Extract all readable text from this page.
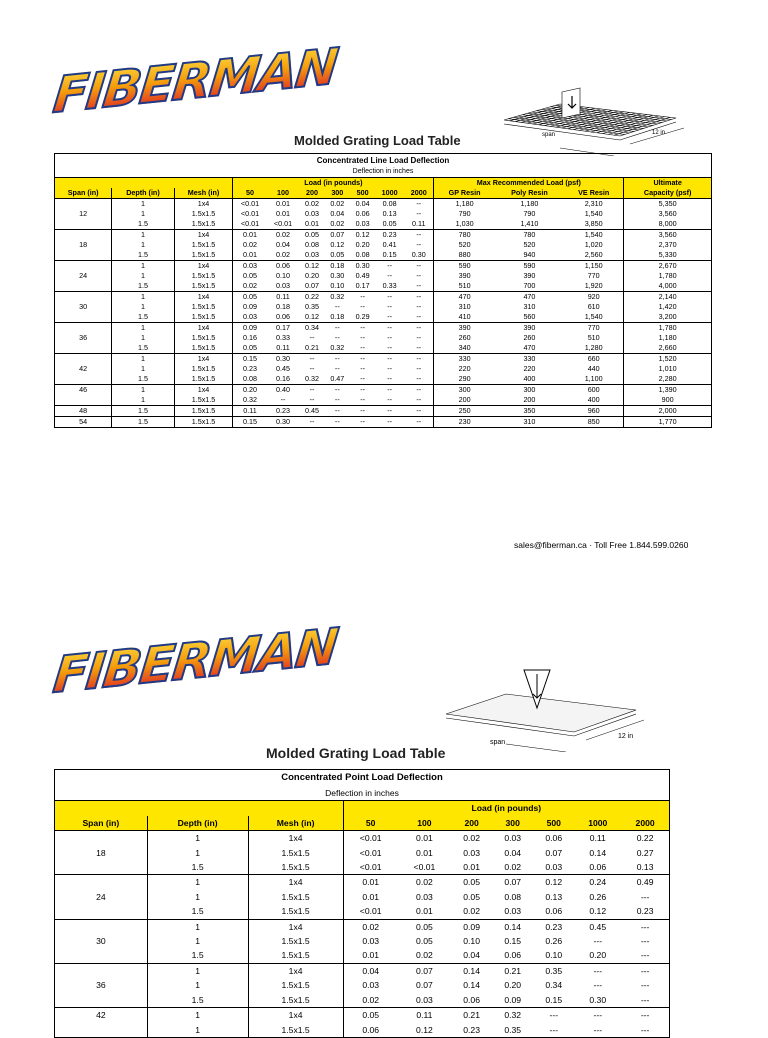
FIBERMAN
span	12 in
Molded Grating Load Table
Concentrated Line Load Deflection													
Deflection in inches													
			Load (in pounds)							Max Recommended Load (psf)			Ultimate
Span (in)	Depth (in)	Mesh (in)	50	100	200	300	500	1000	2000	GP Resin	Poly Resin	VE Resin	Capacity (psf)
	1	1x4	<0.01	0.01	0.02	0.02	0.04	0.08	--	1,180	1,180	2,310	5,350
12	1	1.5x1.5	<0.01	0.01	0.03	0.04	0.06	0.13	--	790	790	1,540	3,560
	1.5	1.5x1.5	<0.01	<0.01	0.01	0.02	0.03	0.05	0.11	1,030	1,410	3,850	8,000
	1	1x4	0.01	0.02	0.05	0.07	0.12	0.23	--	780	780	1,540	3,560
18	1	1.5x1.5	0.02	0.04	0.08	0.12	0.20	0.41	--	520	520	1,020	2,370
	1.5	1.5x1.5	0.01	0.02	0.03	0.05	0.08	0.15	0.30	880	940	2,560	5,330
	1	1x4	0.03	0.06	0.12	0.18	0.30	--	--	590	590	1,150	2,670
24	1	1.5x1.5	0.05	0.10	0.20	0.30	0.49	--	--	390	390	770	1,780
	1.5	1.5x1.5	0.02	0.03	0.07	0.10	0.17	0.33	--	510	700	1,920	4,000
	1	1x4	0.05	0.11	0.22	0.32	--	--	--	470	470	920	2,140
30	1	1.5x1.5	0.09	0.18	0.35	--	--	--	--	310	310	610	1,420
	1.5	1.5x1.5	0.03	0.06	0.12	0.18	0.29	--	--	410	560	1,540	3,200
	1	1x4	0.09	0.17	0.34	--	--	--	--	390	390	770	1,780
36	1	1.5x1.5	0.16	0.33	--	--	--	--	--	260	260	510	1,180
	1.5	1.5x1.5	0.05	0.11	0.21	0.32	--	--	--	340	470	1,280	2,660
	1	1x4	0.15	0.30	--	--	--	--	--	330	330	660	1,520
42	1	1.5x1.5	0.23	0.45	--	--	--	--	--	220	220	440	1,010
	1.5	1.5x1.5	0.08	0.16	0.32	0.47	--	--	--	290	400	1,100	2,280
46	1	1x4	0.20	0.40	--	--	--	--	--	300	300	600	1,390
	1	1.5x1.5	0.32	--	--	--	--	--	--	200	200	400	900
48	1.5	1.5x1.5	0.11	0.23	0.45	--	--	--	--	250	350	960	2,000
54	1.5	1.5x1.5	0.15	0.30	--	--	--	--	--	230	310	850	1,770
sales@fiberman.ca · Toll Free 1.844.599.0260
FIBERMAN
span
12 in
Molded Grating Load Table
Concentrated Point Load Deflection									
Deflection in inches									
			Load (in pounds)						
Span (in)	Depth (in)	Mesh (in)	50	100	200	300	500	1000	2000
	1	1x4	<0.01	0.01	0.02	0.03	0.06	0.11	0.22
18	1	1.5x1.5	<0.01	0.01	0.03	0.04	0.07	0.14	0.27
	1.5	1.5x1.5	<0.01	<0.01	0.01	0.02	0.03	0.06	0.13
	1	1x4	0.01	0.02	0.05	0.07	0.12	0.24	0.49
24	1	1.5x1.5	0.01	0.03	0.05	0.08	0.13	0.26	---
	1.5	1.5x1.5	<0.01	0.01	0.02	0.03	0.06	0.12	0.23
	1	1x4	0.02	0.05	0.09	0.14	0.23	0.45	---
30	1	1.5x1.5	0.03	0.05	0.10	0.15	0.26	---	---
	1.5	1.5x1.5	0.01	0.02	0.04	0.06	0.10	0.20	---
	1	1x4	0.04	0.07	0.14	0.21	0.35	---	---
36	1	1.5x1.5	0.03	0.07	0.14	0.20	0.34	---	---
	1.5	1.5x1.5	0.02	0.03	0.06	0.09	0.15	0.30	---
42	1	1x4	0.05	0.11	0.21	0.32	---	---	---
	1	1.5x1.5	0.06	0.12	0.23	0.35	---	---	---
